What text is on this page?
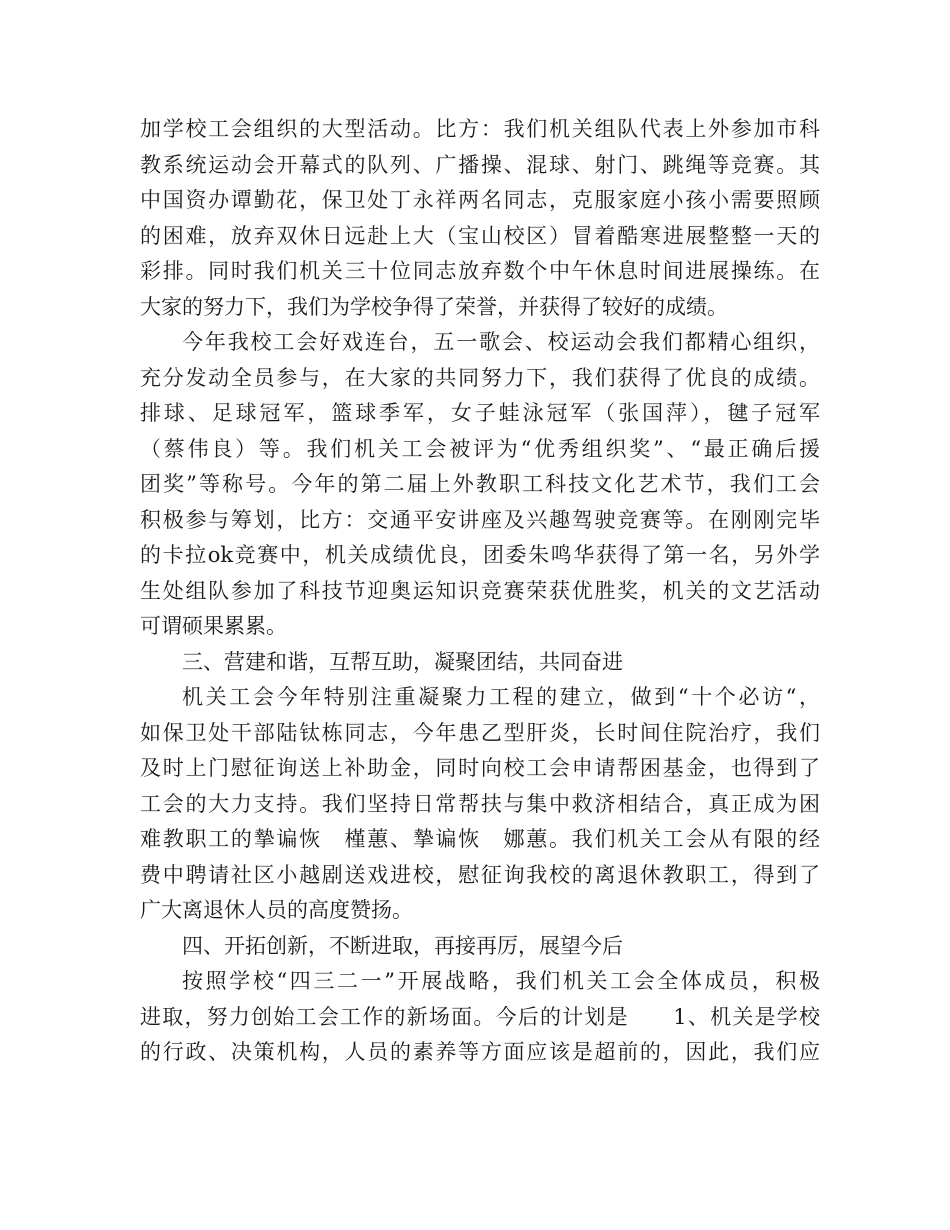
加学校工会组织的大型活动。比方：我们机关组队代表上外参加市科
教系统运动会开幕式的队列、广播操、混球、射门、跳绳等竞赛。其
中国资办谭勤花，保卫处丁永祥两名同志，克服家庭小孩小需要照顾
的困难，放弃双休日远赴上大（宝山校区）冒着酷寒进展整整一天的
彩排。同时我们机关三十位同志放弃数个中午休息时间进展操练。在
大家的努力下，我们为学校争得了荣誉，并获得了较好的成绩。
今年我校工会好戏连台，五一歌会、校运动会我们都精心组织，
充分发动全员参与，在大家的共同努力下，我们获得了优良的成绩。
排球、足球冠军，篮球季军，女子蛙泳冠军（张国萍），毽子冠军
（蔡伟良）等。我们机关工会被评为“优秀组织奖”、“最正确后援
团奖”等称号。今年的第二届上外教职工科技文化艺术节，我们工会
积极参与筹划，比方：交通平安讲座及兴趣驾驶竞赛等。在刚刚完毕
的卡拉ok竞赛中，机关成绩优良，团委朱鸣华获得了第一名，另外学
生处组队参加了科技节迎奥运知识竞赛荣获优胜奖，机关的文艺活动
可谓硕果累累。
三、营建和谐，互帮互助，凝聚团结，共同奋进
机关工会今年特别注重凝聚力工程的建立，做到“十个必访“，
如保卫处干部陆钛栋同志，今年患乙型肝炎，长时间住院治疗，我们
及时上门慰征询送上补助金，同时向校工会申请帮困基金，也得到了
工会的大力支持。我们坚持日常帮扶与集中救济相结合，真正成为困
难教职工的摯谝恢　槿蕙、摯谝恢　娜蕙。我们机关工会从有限的经
费中聘请社区小越剧送戏进校，慰征询我校的离退休教职工，得到了
广大离退休人员的高度赞扬。
四、开拓创新，不断进取，再接再厉，展望今后
按照学校“四三二一”开展战略，我们机关工会全体成员，积极
进取，努力创始工会工作的新场面。今后的计划是　　1、机关是学校
的行政、决策机构，人员的素养等方面应该是超前的，因此，我们应
